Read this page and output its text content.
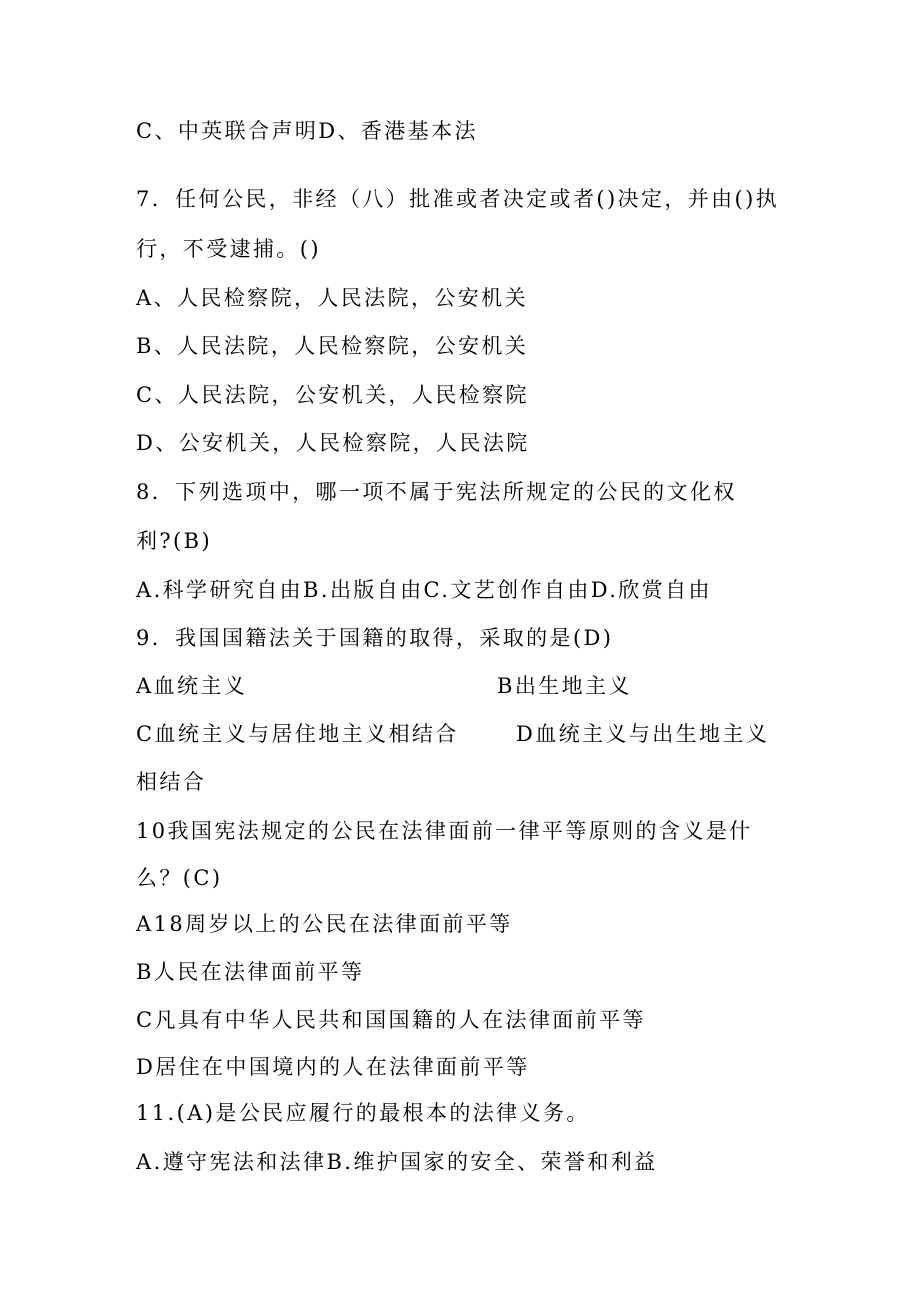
C、中英联合声明D、香港基本法
7．任何公民，非经（八）批准或者决定或者()决定，并由()执
行，不受逮捕。()
A、人民检察院，人民法院，公安机关
B、人民法院，人民检察院，公安机关
C、人民法院，公安机关，人民检察院
D、公安机关，人民检察院，人民法院
8．下列选项中，哪一项不属于宪法所规定的公民的文化权
利?(B)
A.科学研究自由B.出版自由C.文艺创作自由D.欣赏自由
9．我国国籍法关于国籍的取得，采取的是(D)
A血统主义	B出生地主义
C血统主义与居住地主义相结合	D血统主义与出生地主义
相结合
10我国宪法规定的公民在法律面前一律平等原则的含义是什
么？(C)
A18周岁以上的公民在法律面前平等
B人民在法律面前平等
C凡具有中华人民共和国国籍的人在法律面前平等
D居住在中国境内的人在法律面前平等
11.(A)是公民应履行的最根本的法律义务。
A.遵守宪法和法律B.维护国家的安全、荣誉和利益
